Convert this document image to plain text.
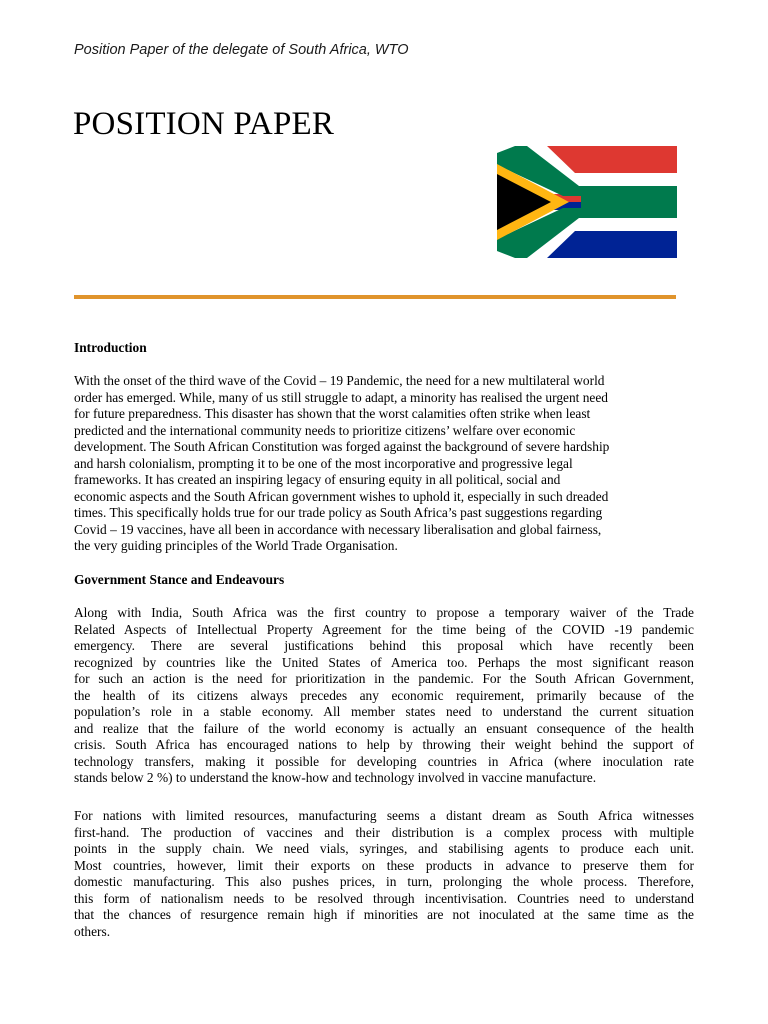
Position Paper of the delegate of South Africa, WTO
POSITION PAPER
Introduction
With the onset of the third wave of the Covid – 19 Pandemic, the need for a new multilateral world
order has emerged. While, many of us still struggle to adapt, a minority has realised the urgent need
for future preparedness. This disaster has shown that the worst calamities often strike when least
predicted and the international community needs to prioritize citizens’ welfare over economic
development. The South African Constitution was forged against the background of severe hardship
and harsh colonialism, prompting it to be one of the most incorporative and progressive legal
frameworks. It has created an inspiring legacy of ensuring equity in all political, social and
economic aspects and the South African government wishes to uphold it, especially in such dreaded
times. This specifically holds true for our trade policy as South Africa’s past suggestions regarding
Covid – 19 vaccines, have all been in accordance with necessary liberalisation and global fairness,
the very guiding principles of the World Trade Organisation.
Government Stance and Endeavours
Along with India, South Africa was the first country to propose a temporary waiver of the Trade
Related Aspects of Intellectual Property Agreement for the time being of the COVID -19 pandemic
emergency. There are several justifications behind this proposal which have recently been
recognized by countries like the United States of America too. Perhaps the most significant reason
for such an action is the need for prioritization in the pandemic. For the South African Government,
the health of its citizens always precedes any economic requirement, primarily because of the
population’s role in a stable economy. All member states need to understand the current situation
and realize that the failure of the world economy is actually an ensuant consequence of the health
crisis. South Africa has encouraged nations to help by throwing their weight behind the support of
technology transfers, making it possible for developing countries in Africa (where inoculation rate
stands below 2 %) to understand the know-how and technology involved in vaccine manufacture.
For nations with limited resources, manufacturing seems a distant dream as South Africa witnesses
first-hand. The production of vaccines and their distribution is a complex process with multiple
points in the supply chain. We need vials, syringes, and stabilising agents to produce each unit.
Most countries, however, limit their exports on these products in advance to preserve them for
domestic manufacturing. This also pushes prices, in turn, prolonging the whole process. Therefore,
this form of nationalism needs to be resolved through incentivisation. Countries need to understand
that the chances of resurgence remain high if minorities are not inoculated at the same time as the
others.
